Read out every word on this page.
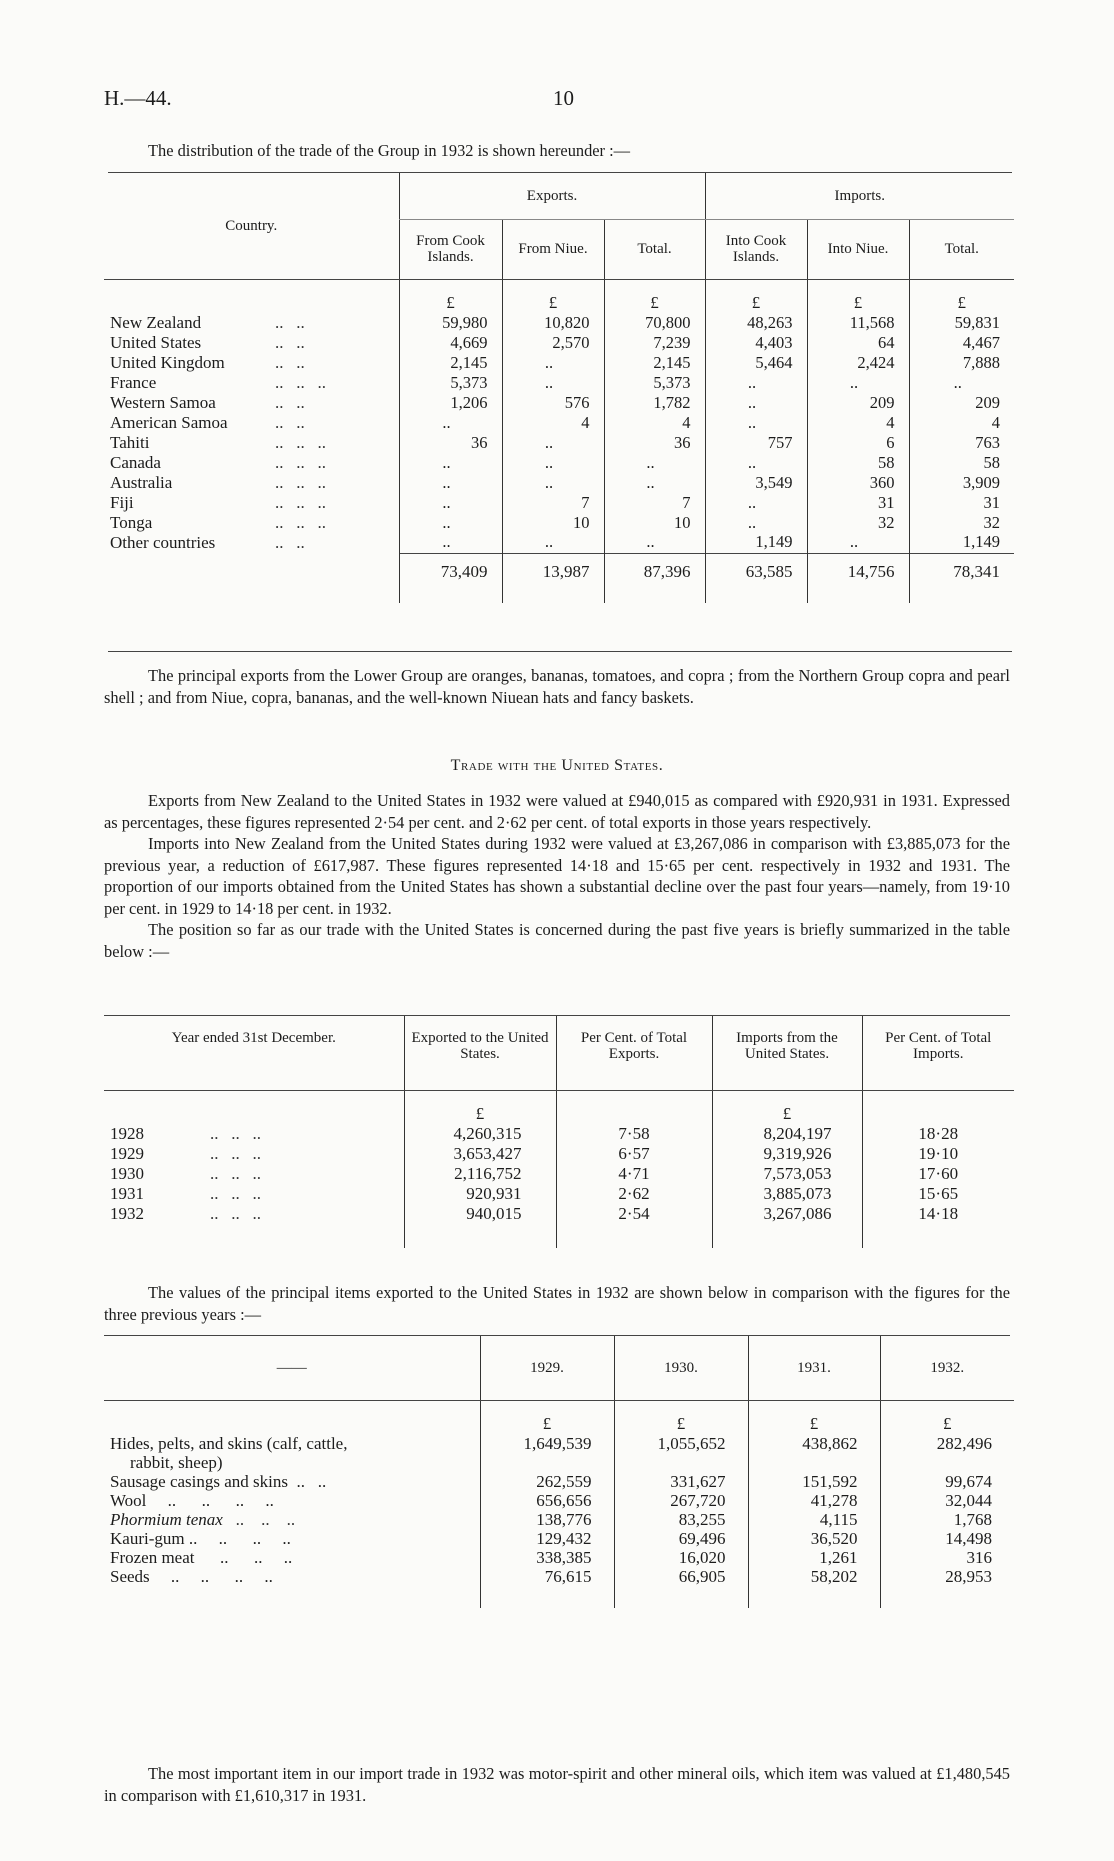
H.—44.	10

The distribution of the trade of the Group in 1932 is shown hereunder :—

Country.	Exports.			Imports.		
	From Cook Islands.	From Niue.	Total.	Into Cook Islands.	Into Niue.	Total.
	£	£	£	£	£	£
New Zealand ..   ..	59,980	10,820	70,800	48,263	11,568	59,831
United States ..   ..	4,669	2,570	7,239	4,403	64	4,467
United Kingdom ..   ..	2,145	..	2,145	5,464	2,424	7,888
France ..   ..   ..	5,373	..	5,373	..	..	..
Western Samoa ..   ..	1,206	576	1,782	..	209	209
American Samoa ..   ..	..	4	4	..	4	4
Tahiti ..   ..   ..	36	..	36	757	6	763
Canada ..   ..   ..	..	..	..	..	58	58
Australia ..   ..   ..	..	..	..	3,549	360	3,909
Fiji ..   ..   ..	..	7	7	..	31	31
Tonga ..   ..   ..	..	10	10	..	32	32
Other countries ..   ..	..	..	..	1,149	..	1,149
	73,409	13,987	87,396	63,585	14,756	78,341

The principal exports from the Lower Group are oranges, bananas, tomatoes, and copra ; from the Northern Group copra and pearl shell ; and from Niue, copra, bananas, and the well-known Niuean hats and fancy baskets.

Trade with the United States.

Exports from New Zealand to the United States in 1932 were valued at £940,015 as compared with £920,931 in 1931. Expressed as percentages, these figures represented 2·54 per cent. and 2·62 per cent. of total exports in those years respectively.

Imports into New Zealand from the United States during 1932 were valued at £3,267,086 in comparison with £3,885,073 for the previous year, a reduction of £617,987. These figures represented 14·18 and 15·65 per cent. respectively in 1932 and 1931. The proportion of our imports obtained from the United States has shown a substantial decline over the past four years—namely, from 19·10 per cent. in 1929 to 14·18 per cent. in 1932.

The position so far as our trade with the United States is concerned during the past five years is briefly summarized in the table below :—

Year ended 31st December.	Exported to the United States.	Per Cent. of Total Exports.	Imports from the United States.	Per Cent. of Total Imports.
	£		£	
1928 ..   ..   ..	4,260,315	7·58	8,204,197	18·28
1929 ..   ..   ..	3,653,427	6·57	9,319,926	19·10
1930 ..   ..   ..	2,116,752	4·71	7,573,053	17·60
1931 ..   ..   ..	920,931	2·62	3,885,073	15·65
1932 ..   ..   ..	940,015	2·54	3,267,086	14·18

The values of the principal items exported to the United States in 1932 are shown below in comparison with the figures for the three previous years :—

——	1929.	1930.	1931.	1932.
	£	£	£	£
Hides, pelts, and skins (calf, cattle,
rabbit, sheep)	1,649,539	1,055,652	438,862	282,496
Sausage casings and skins  ..   ..	262,559	331,627	151,592	99,674
Wool     ..      ..      ..     ..	656,656	267,720	41,278	32,044
Phormium tenax   ..    ..    ..	138,776	83,255	4,115	1,768
Kauri-gum ..     ..      ..     ..	129,432	69,496	36,520	14,498
Frozen meat      ..      ..     ..	338,385	16,020	1,261	316
Seeds     ..     ..      ..     ..	76,615	66,905	58,202	28,953

The most important item in our import trade in 1932 was motor-spirit and other mineral oils, which item was valued at £1,480,545 in comparison with £1,610,317 in 1931.
